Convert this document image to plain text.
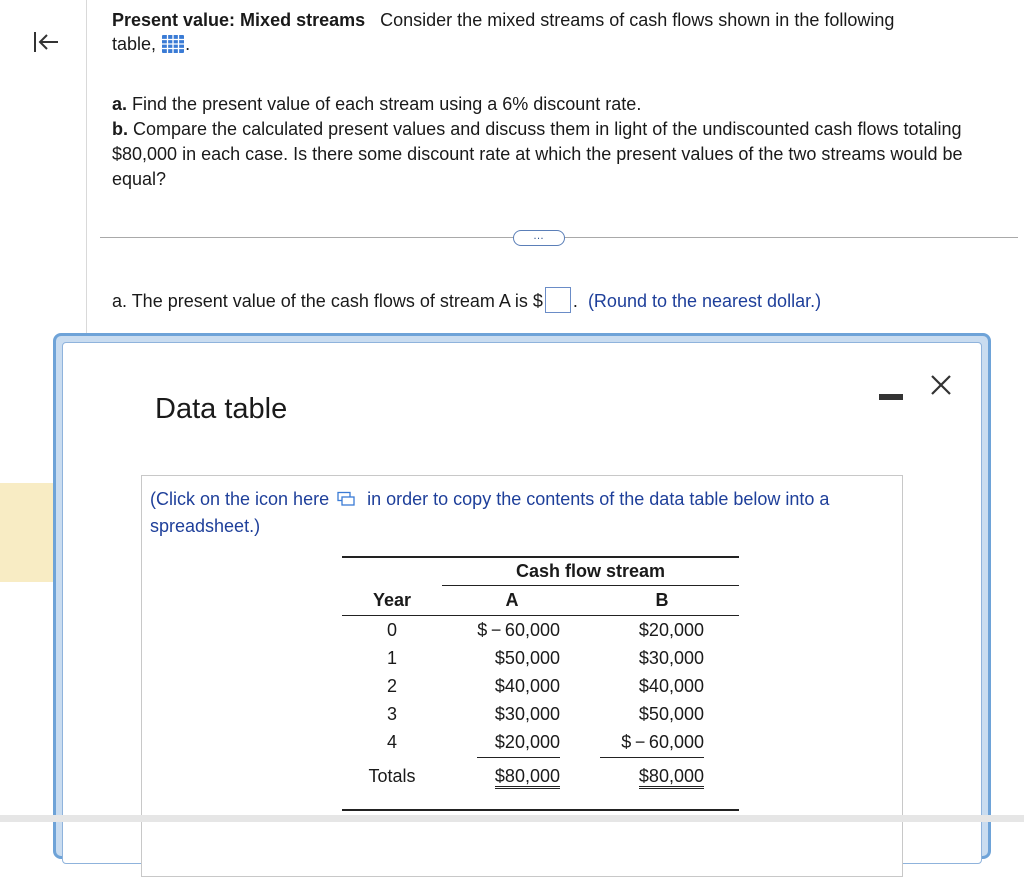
Present value: Mixed streams Consider the mixed streams of cash flows shown in the following
table, .

a. Find the present value of each stream using a 6% discount rate.

b. Compare the calculated present values and discuss them in light of the undiscounted cash flows totaling $80,000 in each case. Is there some discount rate at which the present values of the two streams would be equal?

…
a. The present value of the cash flows of stream A is $ . (Round to the nearest dollar.)
Data table
(Click on the icon here in order to copy the contents of the data table below into a spreadsheet.)
Cash flow stream
Year	A	B
0	$ − 60,000	$20,000
1	$50,000	$30,000
2	$40,000	$40,000
3	$30,000	$50,000
4	$20,000	$ − 60,000
Totals	$80,000	$80,000
